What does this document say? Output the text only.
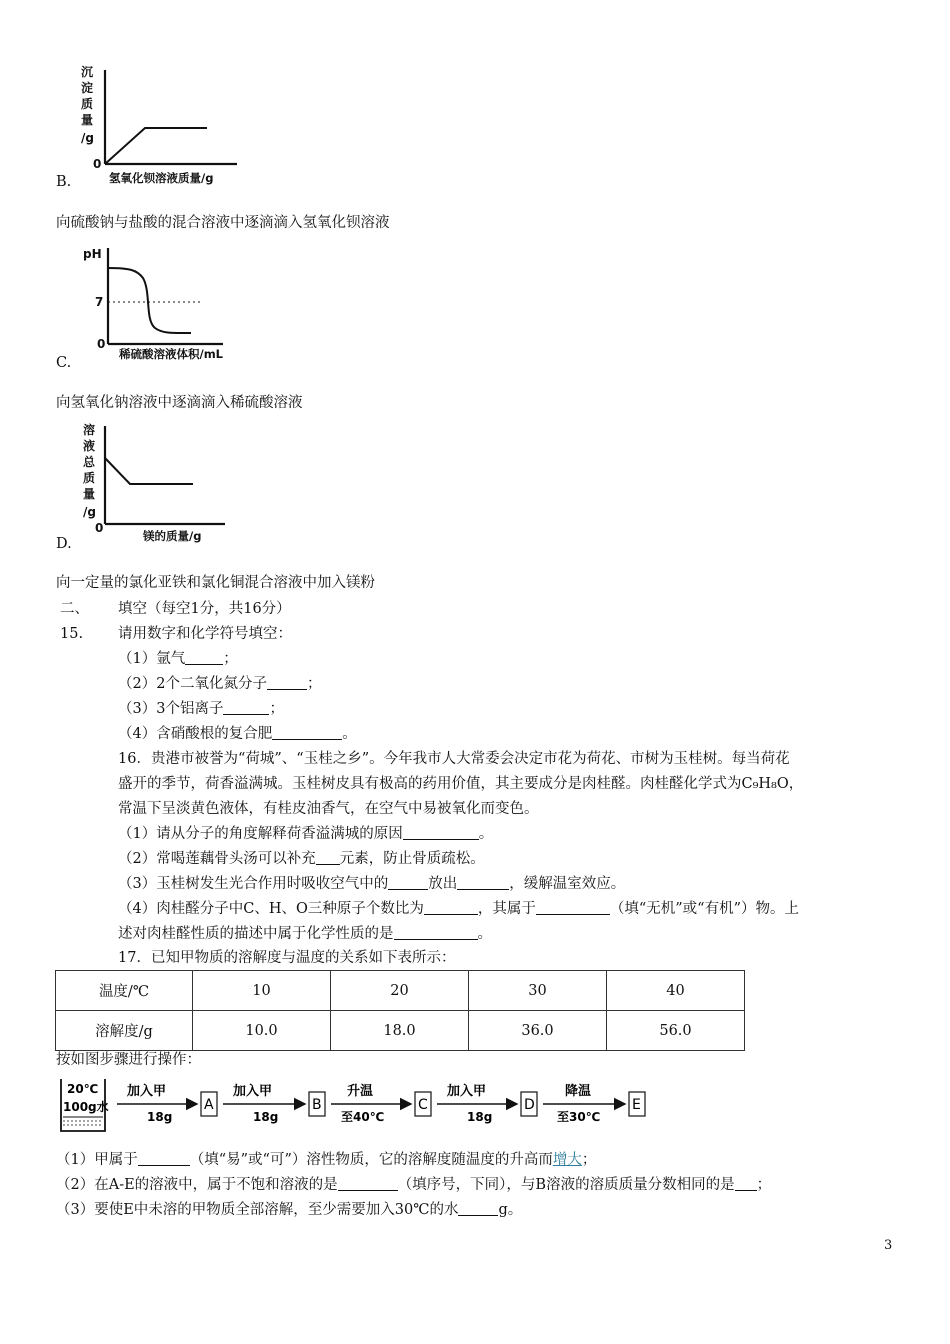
沉
淀
质
量
/g
0
氢氧化钡溶液质量/g
B.
向硫酸钠与盐酸的混合溶液中逐滴滴入氢氧化钡溶液
pH
7
0
稀硫酸溶液体积/mL
C.
向氢氧化钠溶液中逐滴滴入稀硫酸溶液
溶
液
总
质
量
/g
0
镁的质量/g
D.
向一定量的氯化亚铁和氯化铜混合溶液中加入镁粉
二、 填空（每空1分，共16分）
15. 请用数字和化学符号填空：
（1）氩气	；
（2）2个二氧化氮分子	；
（3）3个铝离子	；
（4）含硝酸根的复合肥	。
16．贵港市被誉为“荷城”、“玉桂之乡”。今年我市人大常委会决定市花为荷花、市树为玉桂树。每当荷花
盛开的季节，荷香溢满城。玉桂树皮具有极高的药用价值，其主要成分是肉桂醛。肉桂醛化学式为C₉H₈O，
常温下呈淡黄色液体，有桂皮油香气，在空气中易被氧化而变色。
（1）请从分子的角度解释荷香溢满城的原因	。
（2）常喝莲藕骨头汤可以补充 元素，防止骨质疏松。
（3）玉桂树发生光合作用时吸收空气中的	放出	，缓解温室效应。
（4）肉桂醛分子中C、H、O三种原子个数比为	，其属于	（填“无机”或“有机”）物。上
述对肉桂醛性质的描述中属于化学性质的是	。
17．已知甲物质的溶解度与温度的关系如下表所示：
温度/℃	10	20	30	40
溶解度/g	10.0	18.0	36.0	56.0
按如图步骤进行操作：
20℃
100g水
加入甲
18g
A
加入甲
18g
B
升温
至40℃
C
加入甲
18g
D
降温
至30℃
E
（1）甲属于	（填“易”或“可”）溶性物质，它的溶解度随温度的升高而增大；
（2）在A-E的溶液中，属于不饱和溶液的是	（填序号，下同），与B溶液的溶质质量分数相同的是 ；
（3）要使E中未溶的甲物质全部溶解，至少需要加入30℃的水	g。
3
